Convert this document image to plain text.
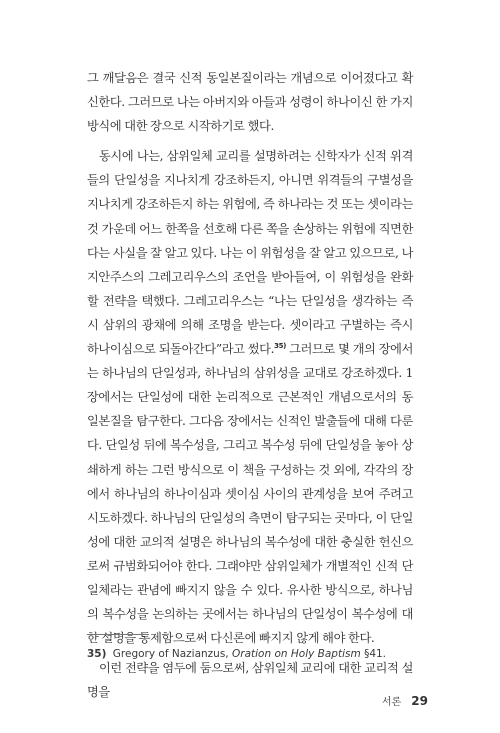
그 깨달음은 결국 신적 동일본질이라는 개념으로 이어졌다고 확신한다. 그러므로 나는 아버지와 아들과 성령이 하나이신 한 가지 방식에 대한 장으로 시작하기로 했다.

동시에 나는, 삼위일체 교리를 설명하려는 신학자가 신적 위격들의 단일성을 지나치게 강조하든지, 아니면 위격들의 구별성을 지나치게 강조하든지 하는 위험에, 즉 하나라는 것 또는 셋이라는 것 가운데 어느 한쪽을 선호해 다른 쪽을 손상하는 위험에 직면한다는 사실을 잘 알고 있다. 나는 이 위험성을 잘 알고 있으므로, 나지안주스의 그레고리우스의 조언을 받아들여, 이 위험성을 완화할 전략을 택했다. 그레고리우스는 “나는 단일성을 생각하는 즉시 삼위의 광채에 의해 조명을 받는다. 셋이라고 구별하는 즉시 하나이심으로 되돌아간다”라고 썼다.$^{35)}$ 그러므로 몇 개의 장에서는 하나님의 단일성과, 하나님의 삼위성을 교대로 강조하겠다. 1장에서는 단일성에 대한 논리적으로 근본적인 개념으로서의 동일본질을 탐구한다. 그다음 장에서는 신적인 발출들에 대해 다룬다. 단일성 뒤에 복수성을, 그리고 복수성 뒤에 단일성을 놓아 상쇄하게 하는 그런 방식으로 이 책을 구성하는 것 외에, 각각의 장에서 하나님의 하나이심과 셋이심 사이의 관계성을 보여 주려고 시도하겠다. 하나님의 단일성의 측면이 탐구되는 곳마다, 이 단일성에 대한 교의적 설명은 하나님의 복수성에 대한 충실한 헌신으로써 규범화되어야 한다. 그래야만 삼위일체가 개별적인 신적 단일체라는 관념에 빠지지 않을 수 있다. 유사한 방식으로, 하나님의 복수성을 논의하는 곳에서는 하나님의 단일성이 복수성에 대한 설명을 통제함으로써 다신론에 빠지지 않게 해야 한다.

이런 전략을 염두에 둠으로써, 삼위일체 교리에 대한 교리적 설명을

35) Gregory of Nazianzus, Oration on Holy Baptism §41.
서론 29
